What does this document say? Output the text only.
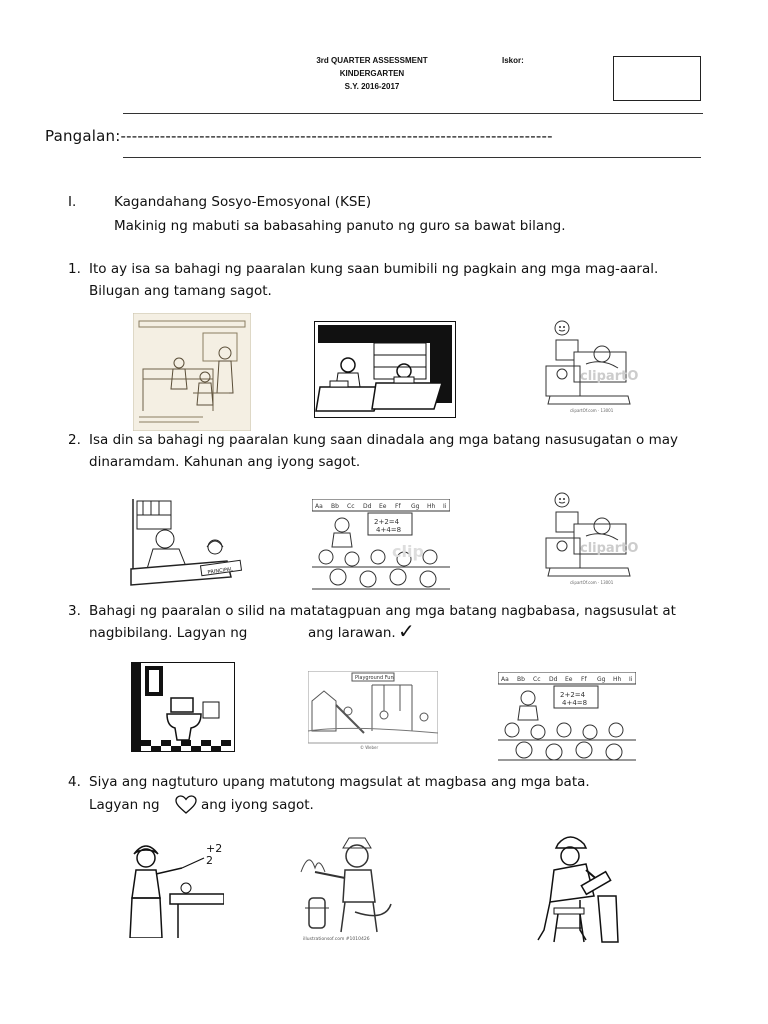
3rd QUARTER ASSESSMENT
KINDERGARTEN
S.Y. 2016-2017
Iskor:
Pangalan:-----------------------------------------------------------------------------
I.	Kagandahang Sosyo-Emosyonal (KSE)
Makinig ng mabuti sa babasahing panuto ng guro sa bawat bilang.
1. Ito ay isa sa bahagi ng paaralan kung saan bumibili ng pagkain ang mga mag-aaral.
Bilugan ang tamang sagot.
clipartO
clipartOf.com · 13001
2. Isa din sa bahagi ng paaralan kung saan dinadala ang mga batang nasusugatan o may
dinaramdam. Kahunan ang iyong sagot.
PRINCIPAL
Aa Bb Cc Dd Ee Ff Gg Hh Ii
2+2=4
4+4=8
clip	clipartO
clipartOf.com · 13001
3. Bahagi ng paaralan o silid na matatagpuan ang mga batang nagbabasa, nagsusulat at
nagbibilang. Lagyan ng	ang larawan. ✓
Playground Fun
© Weber
Aa Bb Cc Dd Ee Ff Gg Hh Ii
2+2=4
4+4=8
4. Siya ang nagtuturo upang matutong magsulat at magbasa ang mga bata.
Lagyan ng	ang iyong sagot.
+2
2
illustrationsof.com #1010426
